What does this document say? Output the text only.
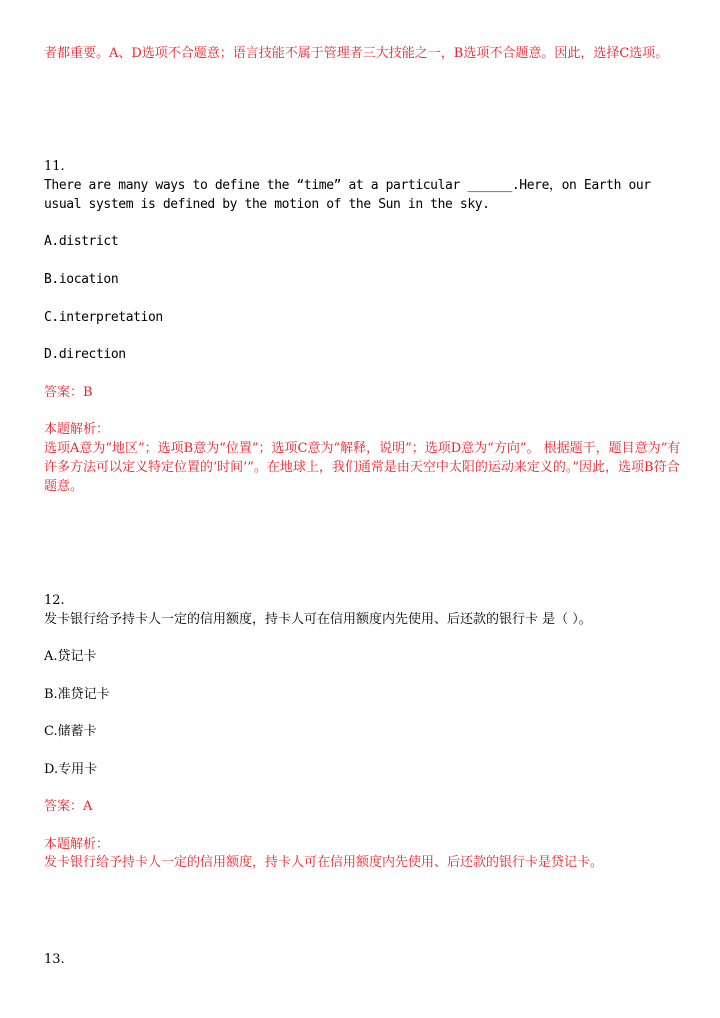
者都重要。A、D选项不合题意；语言技能不属于管理者三大技能之一，B选项不合题意。因此，选择C选项。

11.

There are many ways to define the “time” at a particular ______.Here，on Earth our usual system is defined by the motion of the Sun in the sky.

A.district
B.iocation
C.interpretation
D.direction
答案：B
本题解析：

选项A意为“地区”；选项B意为“位置”；选项C意为“解释，说明”；选项D意为“方向”。 根据题干，题目意为“有许多方法可以定义特定位置的‘时间’”。在地球上，我们通常是由天空中太阳的运动来定义的。”因此，选项B符合题意。

12.

发卡银行给予持卡人一定的信用额度，持卡人可在信用额度内先使用、后还款的银行卡 是（ ）。

A.贷记卡
B.准贷记卡
C.储蓄卡
D.专用卡
答案：A
本题解析：

发卡银行给予持卡人一定的信用额度，持卡人可在信用额度内先使用、后还款的银行卡是贷记卡。

13.
